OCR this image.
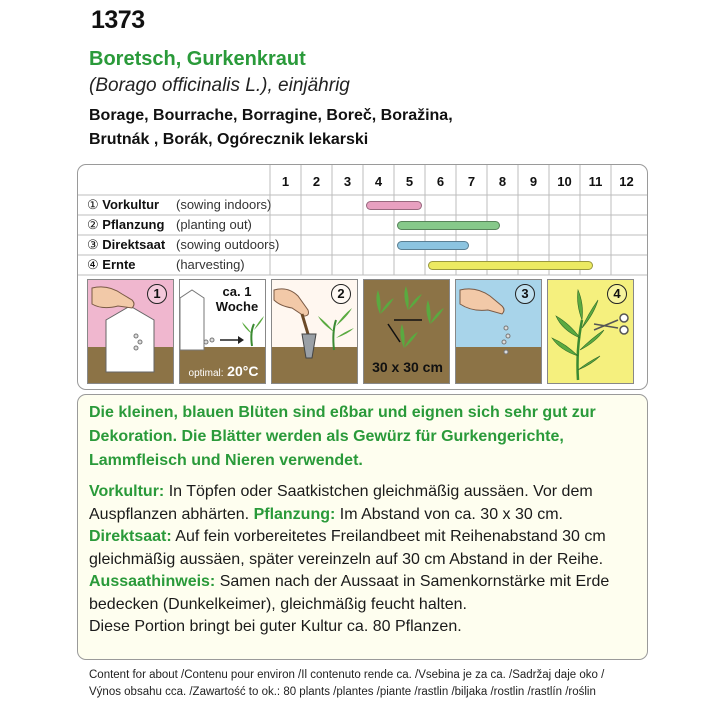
1373
Boretsch, Gurkenkraut
(Borago officinalis L.), einjährig
Borage, Bourrache, Borragine, Boreč, Boražina,
Brutnák , Borák, Ogórecznik lekarski
1	2	3	4	5	6	7	8	9	10	11	12
① Vorkultur (sowing indoors)
② Pflanzung (planting out)
③ Direktsaat (sowing outdoors)
④ Ernte	(harvesting)
1	ca. 1
Woche
optimal: 20°C
2
30 x 30 cm
3	4
Die kleinen, blauen Blüten sind eßbar und eignen sich sehr gut zur Dekoration. Die Blätter werden als Gewürz für Gurkengerichte, Lammfleisch und Nieren verwendet.
Vorkultur: In Töpfen oder Saatkistchen gleichmäßig aussäen. Vor dem Auspflanzen abhärten. Pflanzung: Im Abstand von ca. 30 x 30 cm.
Direktsaat: Auf fein vorbereitetes Freilandbeet mit Reihenabstand 30 cm gleichmäßig aussäen, später vereinzeln auf 30 cm Abstand in der Reihe.
Aussaathinweis: Samen nach der Aussaat in Samenkornstärke mit Erde bedecken (Dunkelkeimer), gleichmäßig feucht halten.
Diese Portion bringt bei guter Kultur ca. 80 Pflanzen.
Content for about /Contenu pour environ /Il contenuto rende ca. /Vsebina je za ca. /Sadržaj daje oko /
Výnos obsahu cca. /Zawartość to ok.: 80 plants /plantes /piante /rastlin /biljaka /rostlin /rastlín /roślin
